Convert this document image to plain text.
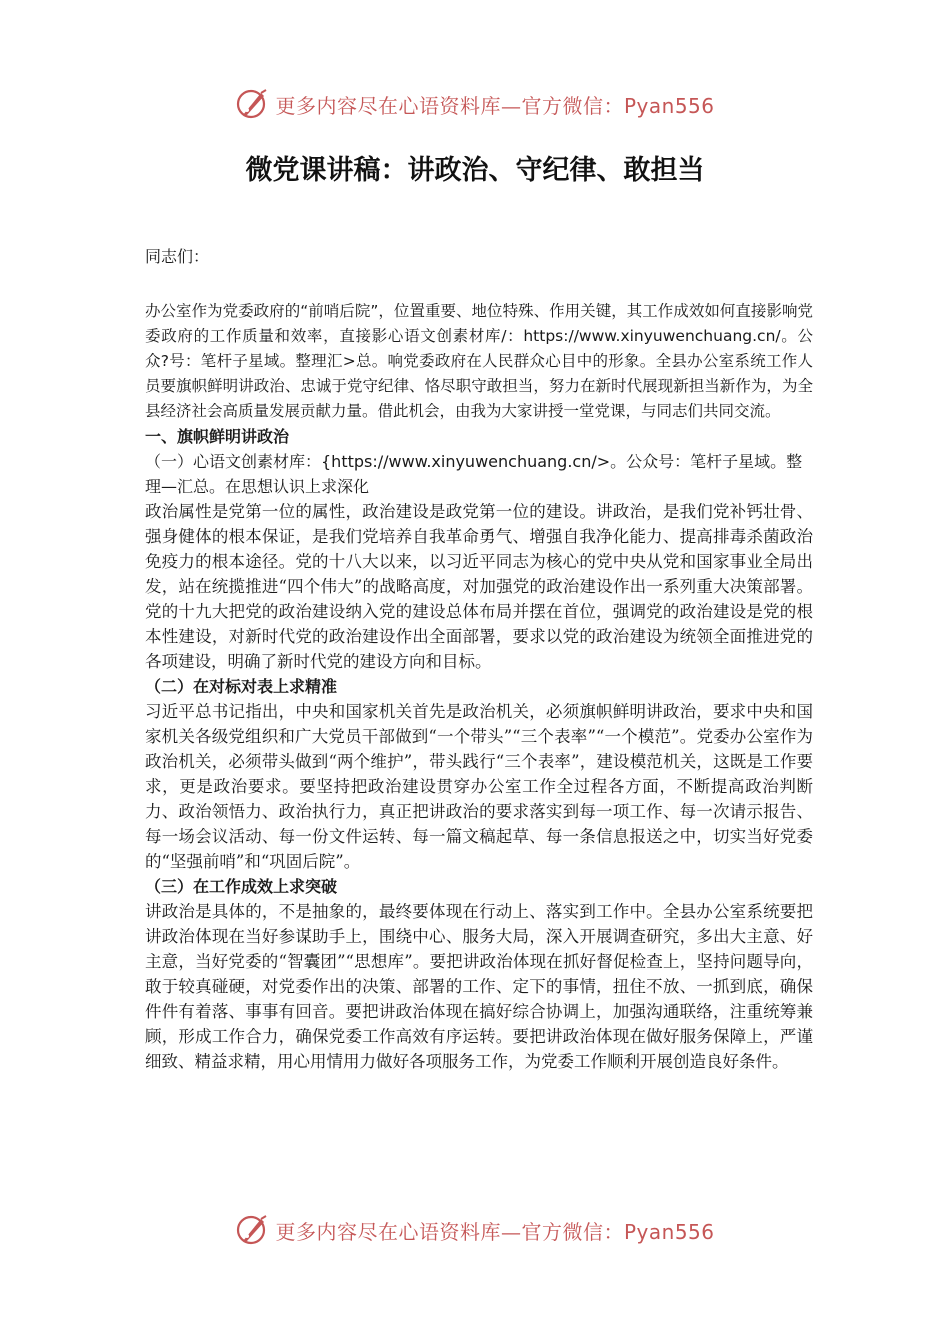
更多内容尽在心语资料库—官方微信：Pyan556
微党课讲稿：讲政治、守纪律、敢担当

同志们：

办公室作为党委政府的“前哨后院”，位置重要、地位特殊、作用关键，其工作成效如何直接影响党委政府的工作质量和效率，直接影心语文创素材库/：https://www.xinyuwenchuang.cn/。公众?号：笔杆子星域。整理汇>总。响党委政府在人民群众心目中的形象。全县办公室系统工作人员要旗帜鲜明讲政治、忠诚于党守纪律、恪尽职守敢担当，努力在新时代展现新担当新作为，为全县经济社会高质量发展贡献力量。借此机会，由我为大家讲授一堂党课，与同志们共同交流。

一、旗帜鲜明讲政治

（一）心语文创素材库：{https://www.xinyuwenchuang.cn/>。公众号：笔杆子星域。整理—汇总。在思想认识上求深化

政治属性是党第一位的属性，政治建设是政党第一位的建设。讲政治，是我们党补钙壮骨、强身健体的根本保证，是我们党培养自我革命勇气、增强自我净化能力、提高排毒杀菌政治免疫力的根本途径。党的十八大以来，以习近平同志为核心的党中央从党和国家事业全局出发，站在统揽推进“四个伟大”的战略高度，对加强党的政治建设作出一系列重大决策部署。党的十九大把党的政治建设纳入党的建设总体布局并摆在首位，强调党的政治建设是党的根本性建设，对新时代党的政治建设作出全面部署，要求以党的政治建设为统领全面推进党的各项建设，明确了新时代党的建设方向和目标。

（二）在对标对表上求精准

习近平总书记指出，中央和国家机关首先是政治机关，必须旗帜鲜明讲政治，要求中央和国家机关各级党组织和广大党员干部做到“一个带头”“三个表率”“一个模范”。党委办公室作为政治机关，必须带头做到“两个维护”，带头践行“三个表率”，建设模范机关，这既是工作要求，更是政治要求。要坚持把政治建设贯穿办公室工作全过程各方面，不断提高政治判断力、政治领悟力、政治执行力，真正把讲政治的要求落实到每一项工作、每一次请示报告、每一场会议活动、每一份文件运转、每一篇文稿起草、每一条信息报送之中，切实当好党委的“坚强前哨”和“巩固后院”。

（三）在工作成效上求突破

讲政治是具体的，不是抽象的，最终要体现在行动上、落实到工作中。全县办公室系统要把讲政治体现在当好参谋助手上，围绕中心、服务大局，深入开展调查研究，多出大主意、好主意，当好党委的“智囊团”“思想库”。要把讲政治体现在抓好督促检查上，坚持问题导向，敢于较真碰硬，对党委作出的决策、部署的工作、定下的事情，扭住不放、一抓到底，确保件件有着落、事事有回音。要把讲政治体现在搞好综合协调上，加强沟通联络，注重统筹兼顾，形成工作合力，确保党委工作高效有序运转。要把讲政治体现在做好服务保障上，严谨细致、精益求精，用心用情用力做好各项服务工作，为党委工作顺利开展创造良好条件。

更多内容尽在心语资料库—官方微信：Pyan556
